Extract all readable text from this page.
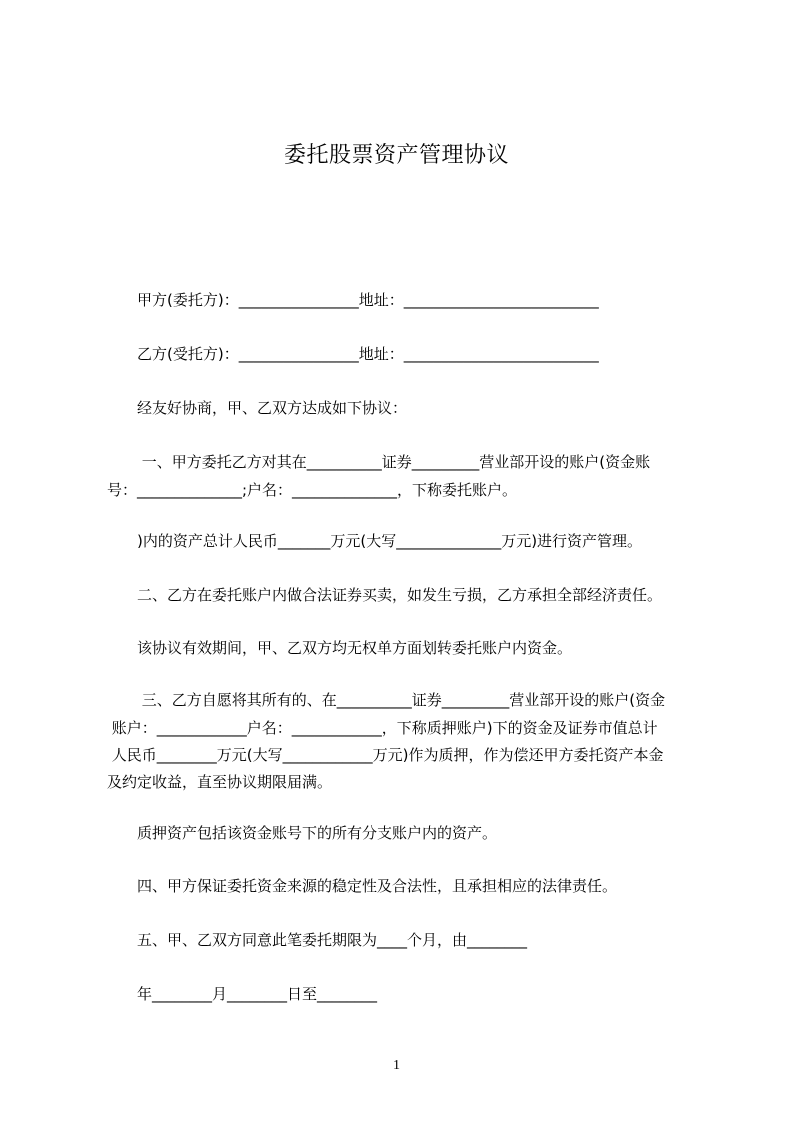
委托股票资产管理协议
　　甲方(委托方)：________________地址：__________________________
　　乙方(受托方)：________________地址：__________________________
　　经友好协商，甲、乙双方达成如下协议：
　　 一、甲方委托乙方对其在__________证券_________营业部开设的账户(资金账
号：______________;户名：______________，下称委托账户。
　　)内的资产总计人民币_______万元(大写______________万元)进行资产管理。
　　二、乙方在委托账户内做合法证券买卖，如发生亏损，乙方承担全部经济责任。
　　该协议有效期间，甲、乙双方均无权单方面划转委托账户内资金。
　　 三、乙方自愿将其所有的、在__________证券_________营业部开设的账户(资金
账户：____________户名：____________，下称质押账户)下的资金及证券市值总计
人民币________万元(大写____________万元)作为质押，作为偿还甲方委托资产本金
及约定收益，直至协议期限届满。
　　质押资产包括该资金账号下的所有分支账户内的资产。
　　四、甲方保证委托资金来源的稳定性及合法性，且承担相应的法律责任。
　　五、甲、乙双方同意此笔委托期限为____个月，由________
　　年________月________日至________
1
